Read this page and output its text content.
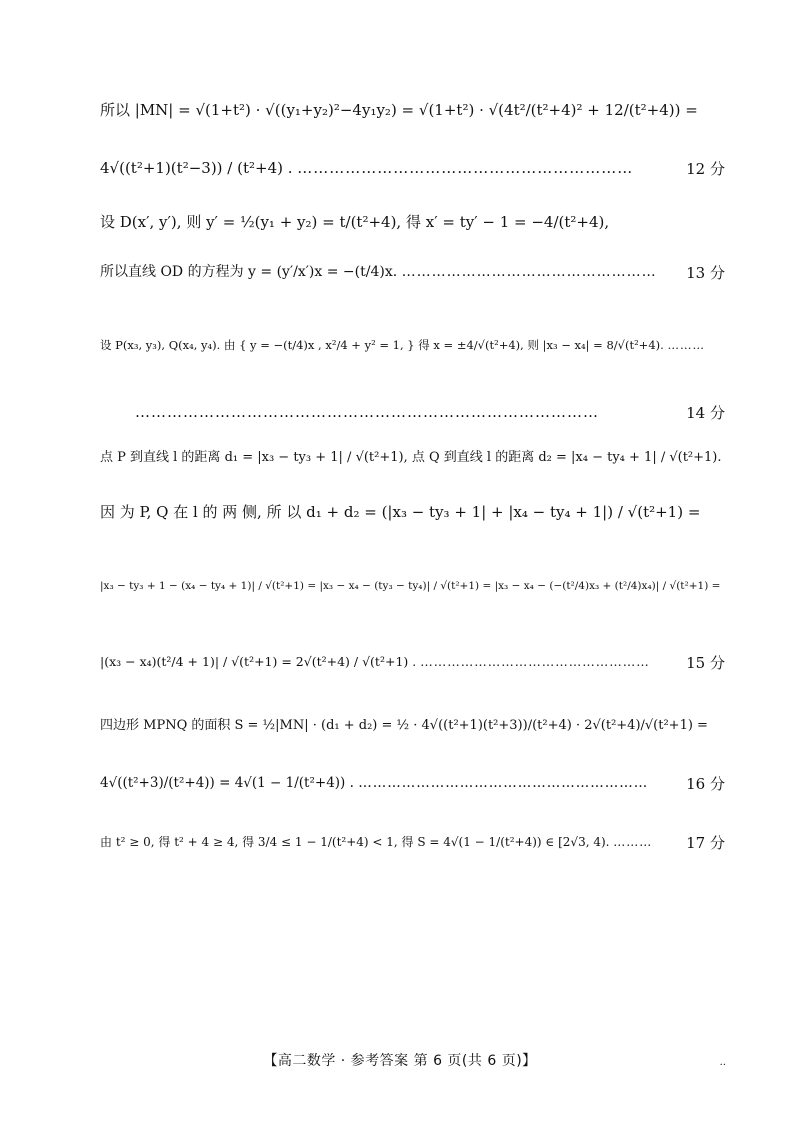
所以 |MN| = √(1+t²) · √((y₁+y₂)²−4y₁y₂) = √(1+t²) · √(4t²/(t²+4)² + 12/(t²+4)) =
4√((t²+1)(t²−3)) / (t²+4) . ………………………………………………………	12 分
设 D(x′, y′), 则 y′ = ½(y₁ + y₂) = t/(t²+4), 得 x′ = ty′ − 1 = −4/(t²+4),
所以直线 OD 的方程为 y = (y′/x′)x = −(t/4)x. …………………………………………… 13 分
设 P(x₃, y₃), Q(x₄, y₄). 由 { y = −(t/4)x , x²/4 + y² = 1, } 得 x = ±4/√(t²+4), 则 |x₃ − x₄| = 8/√(t²+4). ………
……………………………………………………………………………	14 分
点 P 到直线 l 的距离 d₁ = |x₃ − ty₃ + 1| / √(t²+1), 点 Q 到直线 l 的距离 d₂ = |x₄ − ty₄ + 1| / √(t²+1).
因 为 P, Q 在 l 的 两 侧, 所 以 d₁ + d₂ = (|x₃ − ty₃ + 1| + |x₄ − ty₄ + 1|) / √(t²+1) =
|x₃ − ty₃ + 1 − (x₄ − ty₄ + 1)| / √(t²+1) = |x₃ − x₄ − (ty₃ − ty₄)| / √(t²+1) = |x₃ − x₄ − (−(t²/4)x₃ + (t²/4)x₄)| / √(t²+1) =
|(x₃ − x₄)(t²/4 + 1)| / √(t²+1) = 2√(t²+4) / √(t²+1) . ……………………………………………	15 分
四边形 MPNQ 的面积 S = ½|MN| · (d₁ + d₂) = ½ · 4√((t²+1)(t²+3))/(t²+4) · 2√(t²+4)/√(t²+1) =
4√((t²+3)/(t²+4)) = 4√(1 − 1/(t²+4)) . ……………………………………………………	16 分
由 t² ≥ 0, 得 t² + 4 ≥ 4, 得 3/4 ≤ 1 − 1/(t²+4) < 1, 得 S = 4√(1 − 1/(t²+4)) ∈ [2√3, 4). ………	17 分
【高二数学 · 参考答案 第 6 页(共 6 页)】	··
